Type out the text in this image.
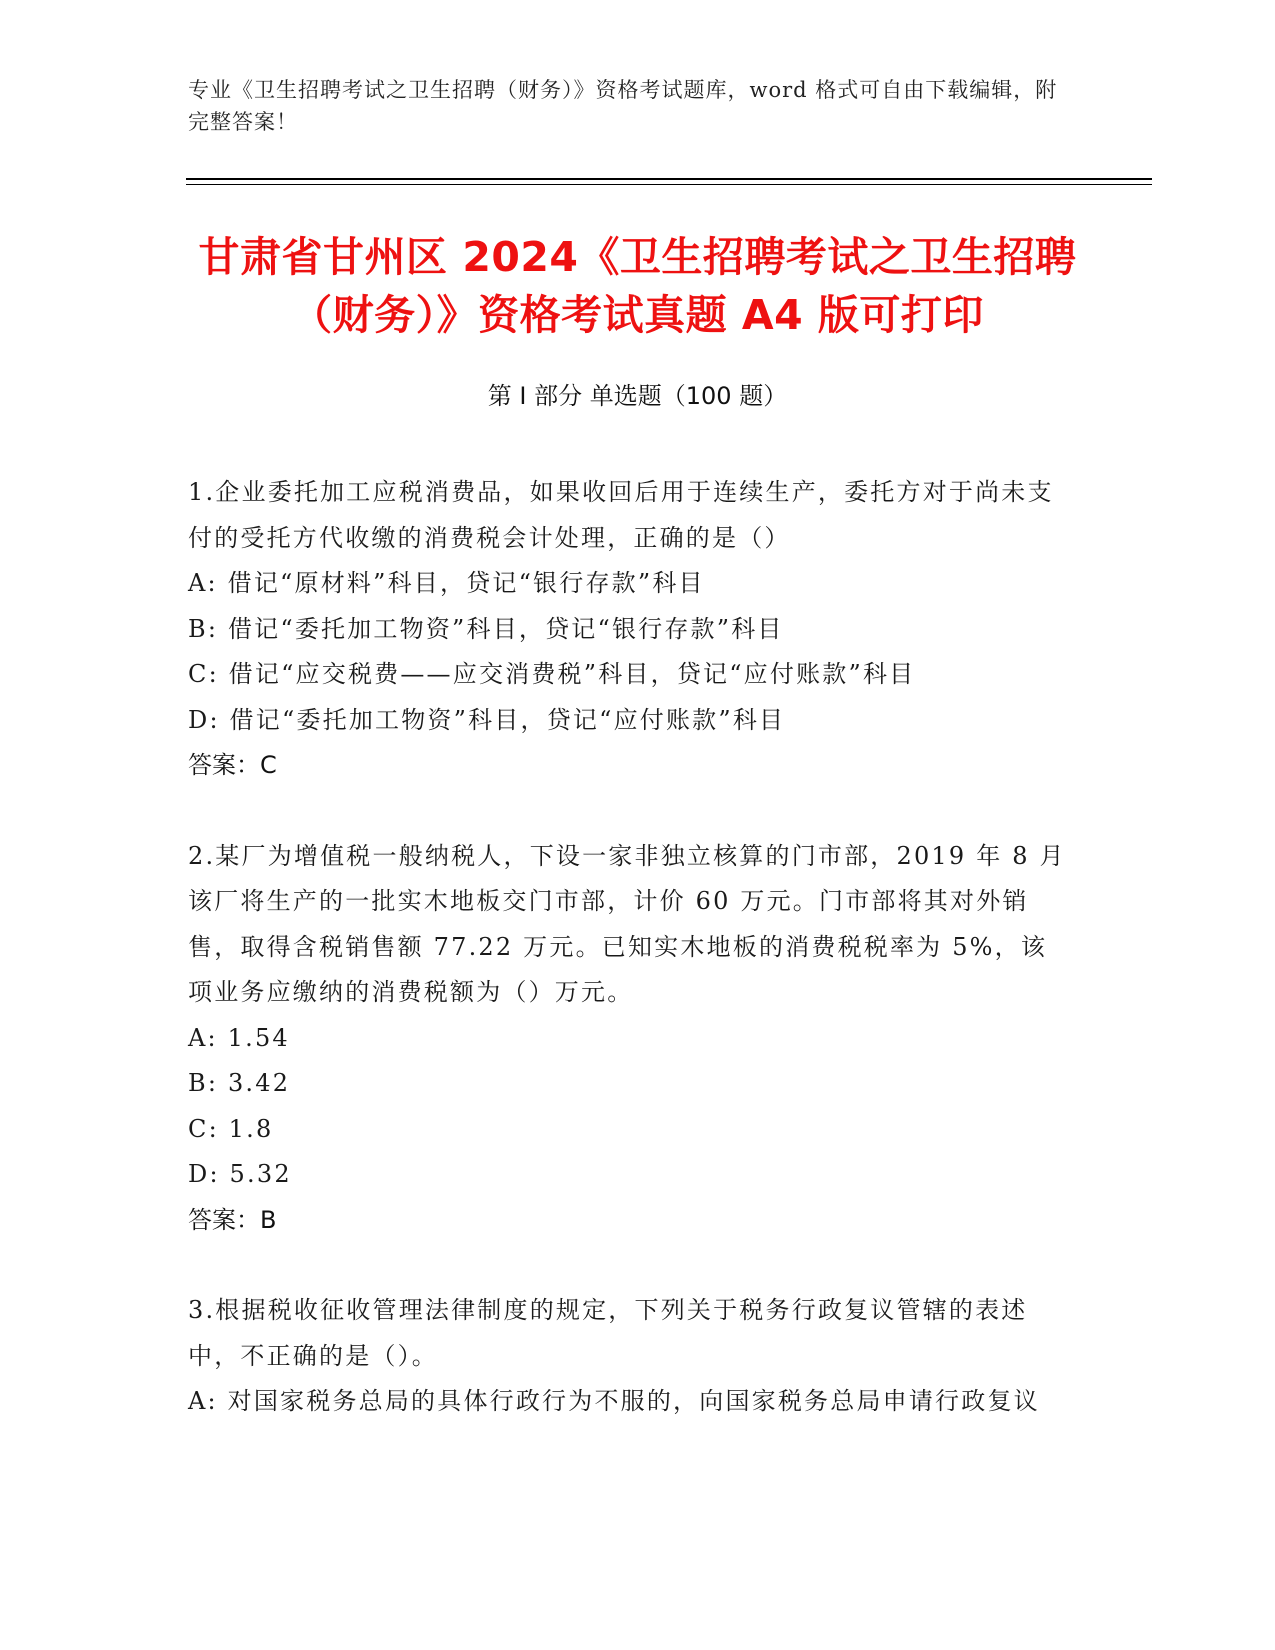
专业《卫生招聘考试之卫生招聘（财务）》资格考试题库，word 格式可自由下载编辑，附完整答案！
甘肃省甘州区 2024《卫生招聘考试之卫生招聘（财务）》资格考试真题 A4 版可打印
第 I 部分 单选题（100 题）
1.企业委托加工应税消费品，如果收回后用于连续生产，委托方对于尚未支付的受托方代收缴的消费税会计处理，正确的是（）
A: 借记“原材料”科目，贷记“银行存款”科目
B: 借记“委托加工物资”科目，贷记“银行存款”科目
C: 借记“应交税费——应交消费税”科目，贷记“应付账款”科目
D: 借记“委托加工物资”科目，贷记“应付账款”科目
答案：C
2.某厂为增值税一般纳税人，下设一家非独立核算的门市部，2019 年 8 月该厂将生产的一批实木地板交门市部，计价 60 万元。门市部将其对外销售，取得含税销售额 77.22 万元。已知实木地板的消费税税率为 5%，该项业务应缴纳的消费税额为（）万元。
A: 1.54
B: 3.42
C: 1.8
D: 5.32
答案：B
3.根据税收征收管理法律制度的规定，下列关于税务行政复议管辖的表述中，不正确的是（）。
A: 对国家税务总局的具体行政行为不服的，向国家税务总局申请行政复议
